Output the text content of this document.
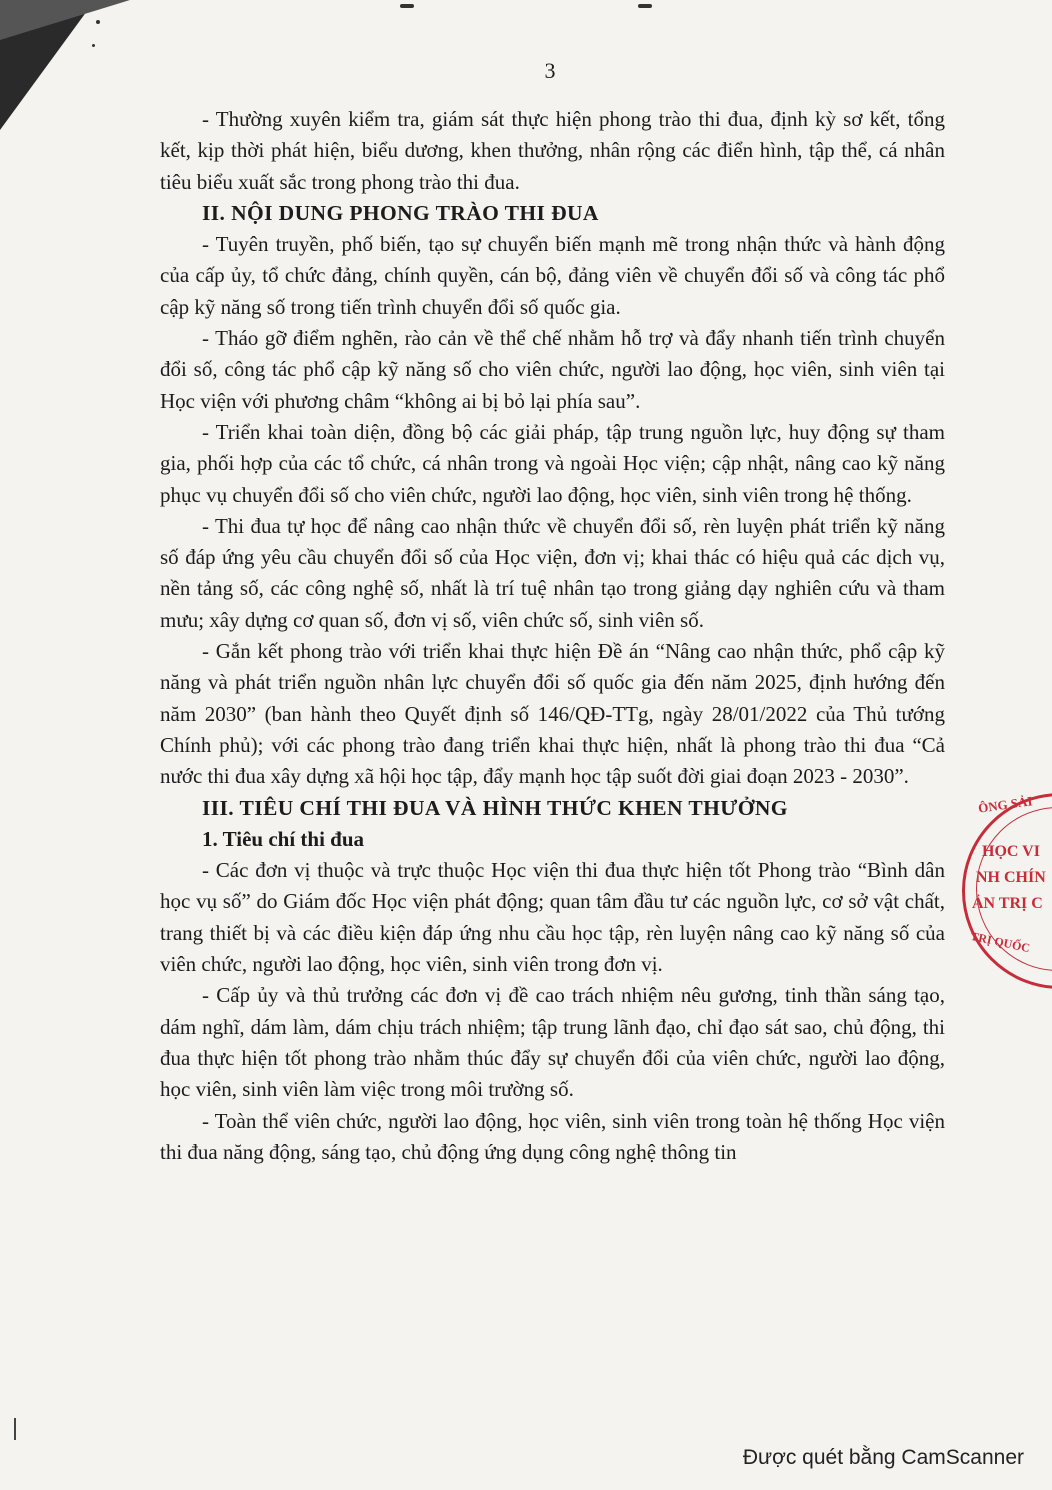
3

- Thường xuyên kiểm tra, giám sát thực hiện phong trào thi đua, định kỳ sơ kết, tổng kết, kịp thời phát hiện, biểu dương, khen thưởng, nhân rộng các điển hình, tập thể, cá nhân tiêu biểu xuất sắc trong phong trào thi đua.

II. NỘI DUNG PHONG TRÀO THI ĐUA

- Tuyên truyền, phố biến, tạo sự chuyển biến mạnh mẽ trong nhận thức và hành động của cấp ủy, tổ chức đảng, chính quyền, cán bộ, đảng viên về chuyển đổi số và công tác phổ cập kỹ năng số trong tiến trình chuyển đổi số quốc gia.

- Tháo gỡ điểm nghẽn, rào cản về thể chế nhằm hỗ trợ và đẩy nhanh tiến trình chuyển đổi số, công tác phổ cập kỹ năng số cho viên chức, người lao động, học viên, sinh viên tại Học viện với phương châm “không ai bị bỏ lại phía sau”.

- Triển khai toàn diện, đồng bộ các giải pháp, tập trung nguồn lực, huy động sự tham gia, phối hợp của các tổ chức, cá nhân trong và ngoài Học viện; cập nhật, nâng cao kỹ năng phục vụ chuyển đổi số cho viên chức, người lao động, học viên, sinh viên trong hệ thống.

- Thi đua tự học để nâng cao nhận thức về chuyển đổi số, rèn luyện phát triển kỹ năng số đáp ứng yêu cầu chuyển đổi số của Học viện, đơn vị; khai thác có hiệu quả các dịch vụ, nền tảng số, các công nghệ số, nhất là trí tuệ nhân tạo trong giảng dạy nghiên cứu và tham mưu; xây dựng cơ quan số, đơn vị số, viên chức số, sinh viên số.

- Gắn kết phong trào với triển khai thực hiện Đề án “Nâng cao nhận thức, phổ cập kỹ năng và phát triển nguồn nhân lực chuyển đổi số quốc gia đến năm 2025, định hướng đến năm 2030” (ban hành theo Quyết định số 146/QĐ-TTg, ngày 28/01/2022 của Thủ tướng Chính phủ); với các phong trào đang triển khai thực hiện, nhất là phong trào thi đua “Cả nước thi đua xây dựng xã hội học tập, đẩy mạnh học tập suốt đời giai đoạn 2023 - 2030”.

III. TIÊU CHÍ THI ĐUA VÀ HÌNH THỨC KHEN THƯỞNG
1. Tiêu chí thi đua

- Các đơn vị thuộc và trực thuộc Học viện thi đua thực hiện tốt Phong trào “Bình dân học vụ số” do Giám đốc Học viện phát động; quan tâm đầu tư các nguồn lực, cơ sở vật chất, trang thiết bị và các điều kiện đáp ứng nhu cầu học tập, rèn luyện nâng cao kỹ năng số của viên chức, người lao động, học viên, sinh viên trong đơn vị.

- Cấp ủy và thủ trưởng các đơn vị đề cao trách nhiệm nêu gương, tinh thần sáng tạo, dám nghĩ, dám làm, dám chịu trách nhiệm; tập trung lãnh đạo, chỉ đạo sát sao, chủ động, thi đua thực hiện tốt phong trào nhằm thúc đẩy sự chuyển đổi của viên chức, người lao động, học viên, sinh viên làm việc trong môi trường số.

- Toàn thể viên chức, người lao động, học viên, sinh viên trong toàn hệ thống Học viện thi đua năng động, sáng tạo, chủ động ứng dụng công nghệ thông tin

ÔNG SẢI
HỌC VI
NH CHÍN
ẢN TRỊ C
TRỊ QUỐC
Được quét bằng CamScanner
